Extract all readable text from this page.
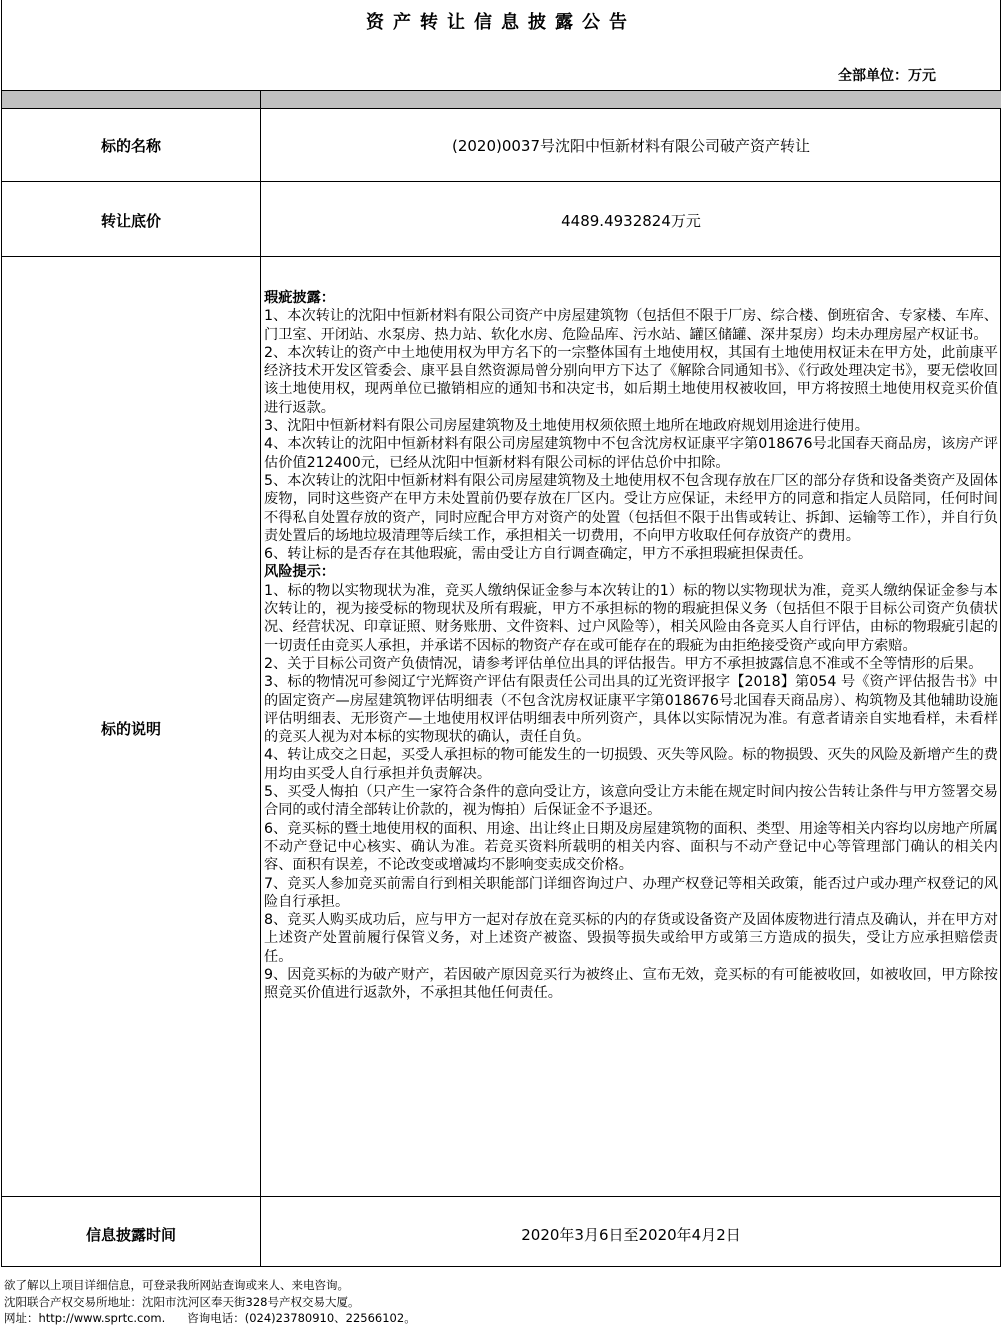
资产转让信息披露公告
全部单位：万元
标的名称	(2020)0037号沈阳中恒新材料有限公司破产资产转让
转让底价	4489.4932824万元
标的说明

瑕疵披露：

1、本次转让的沈阳中恒新材料有限公司资产中房屋建筑物（包括但不限于厂房、综合楼、倒班宿舍、专家楼、车库、门卫室、开闭站、水泵房、热力站、软化水房、危险品库、污水站、罐区储罐、深井泵房）均未办理房屋产权证书。

2、本次转让的资产中土地使用权为甲方名下的一宗整体国有土地使用权，其国有土地使用权证未在甲方处，此前康平经济技术开发区管委会、康平县自然资源局曾分别向甲方下达了《解除合同通知书》、《行政处理决定书》，要无偿收回该土地使用权，现两单位已撤销相应的通知书和决定书，如后期土地使用权被收回，甲方将按照土地使用权竞买价值进行返款。

3、沈阳中恒新材料有限公司房屋建筑物及土地使用权须依照土地所在地政府规划用途进行使用。

4、本次转让的沈阳中恒新材料有限公司房屋建筑物中不包含沈房权证康平字第018676号北国春天商品房，该房产评估价值212400元，已经从沈阳中恒新材料有限公司标的评估总价中扣除。

5、本次转让的沈阳中恒新材料有限公司房屋建筑物及土地使用权不包含现存放在厂区的部分存货和设备类资产及固体废物，同时这些资产在甲方未处置前仍要存放在厂区内。受让方应保证，未经甲方的同意和指定人员陪同，任何时间不得私自处置存放的资产，同时应配合甲方对资产的处置（包括但不限于出售或转让、拆卸、运输等工作），并自行负责处置后的场地垃圾清理等后续工作，承担相关一切费用，不向甲方收取任何存放资产的费用。

6、转让标的是否存在其他瑕疵，需由受让方自行调查确定，甲方不承担瑕疵担保责任。

风险提示：

1、标的物以实物现状为准，竞买人缴纳保证金参与本次转让的1）标的物以实物现状为准，竞买人缴纳保证金参与本次转让的，视为接受标的物现状及所有瑕疵，甲方不承担标的物的瑕疵担保义务（包括但不限于目标公司资产负债状况、经营状况、印章证照、财务账册、文件资料、过户风险等），相关风险由各竞买人自行评估，由标的物瑕疵引起的一切责任由竞买人承担，并承诺不因标的物资产存在或可能存在的瑕疵为由拒绝接受资产或向甲方索赔。

2、关于目标公司资产负债情况，请参考评估单位出具的评估报告。甲方不承担披露信息不准或不全等情形的后果。

3、标的物情况可参阅辽宁光辉资产评估有限责任公司出具的辽光资评报字【2018】第054 号《资产评估报告书》中的固定资产—房屋建筑物评估明细表（不包含沈房权证康平字第018676号北国春天商品房）、构筑物及其他辅助设施评估明细表、无形资产—土地使用权评估明细表中所列资产，具体以实际情况为准。有意者请亲自实地看样，未看样的竞买人视为对本标的实物现状的确认，责任自负。

4、转让成交之日起，买受人承担标的物可能发生的一切损毁、灭失等风险。标的物损毁、灭失的风险及新增产生的费用均由买受人自行承担并负责解决。

5、买受人悔拍（只产生一家符合条件的意向受让方，该意向受让方未能在规定时间内按公告转让条件与甲方签署交易合同的或付清全部转让价款的，视为悔拍）后保证金不予退还。

6、竞买标的暨土地使用权的面积、用途、出让终止日期及房屋建筑物的面积、类型、用途等相关内容均以房地产所属不动产登记中心核实、确认为准。若竞买资料所载明的相关内容、面积与不动产登记中心等管理部门确认的相关内容、面积有误差，不论改变或增减均不影响变卖成交价格。

7、竞买人参加竞买前需自行到相关职能部门详细咨询过户、办理产权登记等相关政策，能否过户或办理产权登记的风险自行承担。

8、竞买人购买成功后，应与甲方一起对存放在竞买标的内的存货或设备资产及固体废物进行清点及确认，并在甲方对上述资产处置前履行保管义务，对上述资产被盗、毁损等损失或给甲方或第三方造成的损失，受让方应承担赔偿责任。

9、因竞买标的为破产财产，若因破产原因竞买行为被终止、宣布无效，竞买标的有可能被收回，如被收回，甲方除按照竞买价值进行返款外，不承担其他任何责任。

信息披露时间	2020年3月6日至2020年4月2日
欲了解以上项目详细信息，可登录我所网站查询或来人、来电咨询。
沈阳联合产权交易所地址：沈阳市沈河区奉天街328号产权交易大厦。
网址：http://www.sprtc.com.      咨询电话：(024)23780910、22566102。
